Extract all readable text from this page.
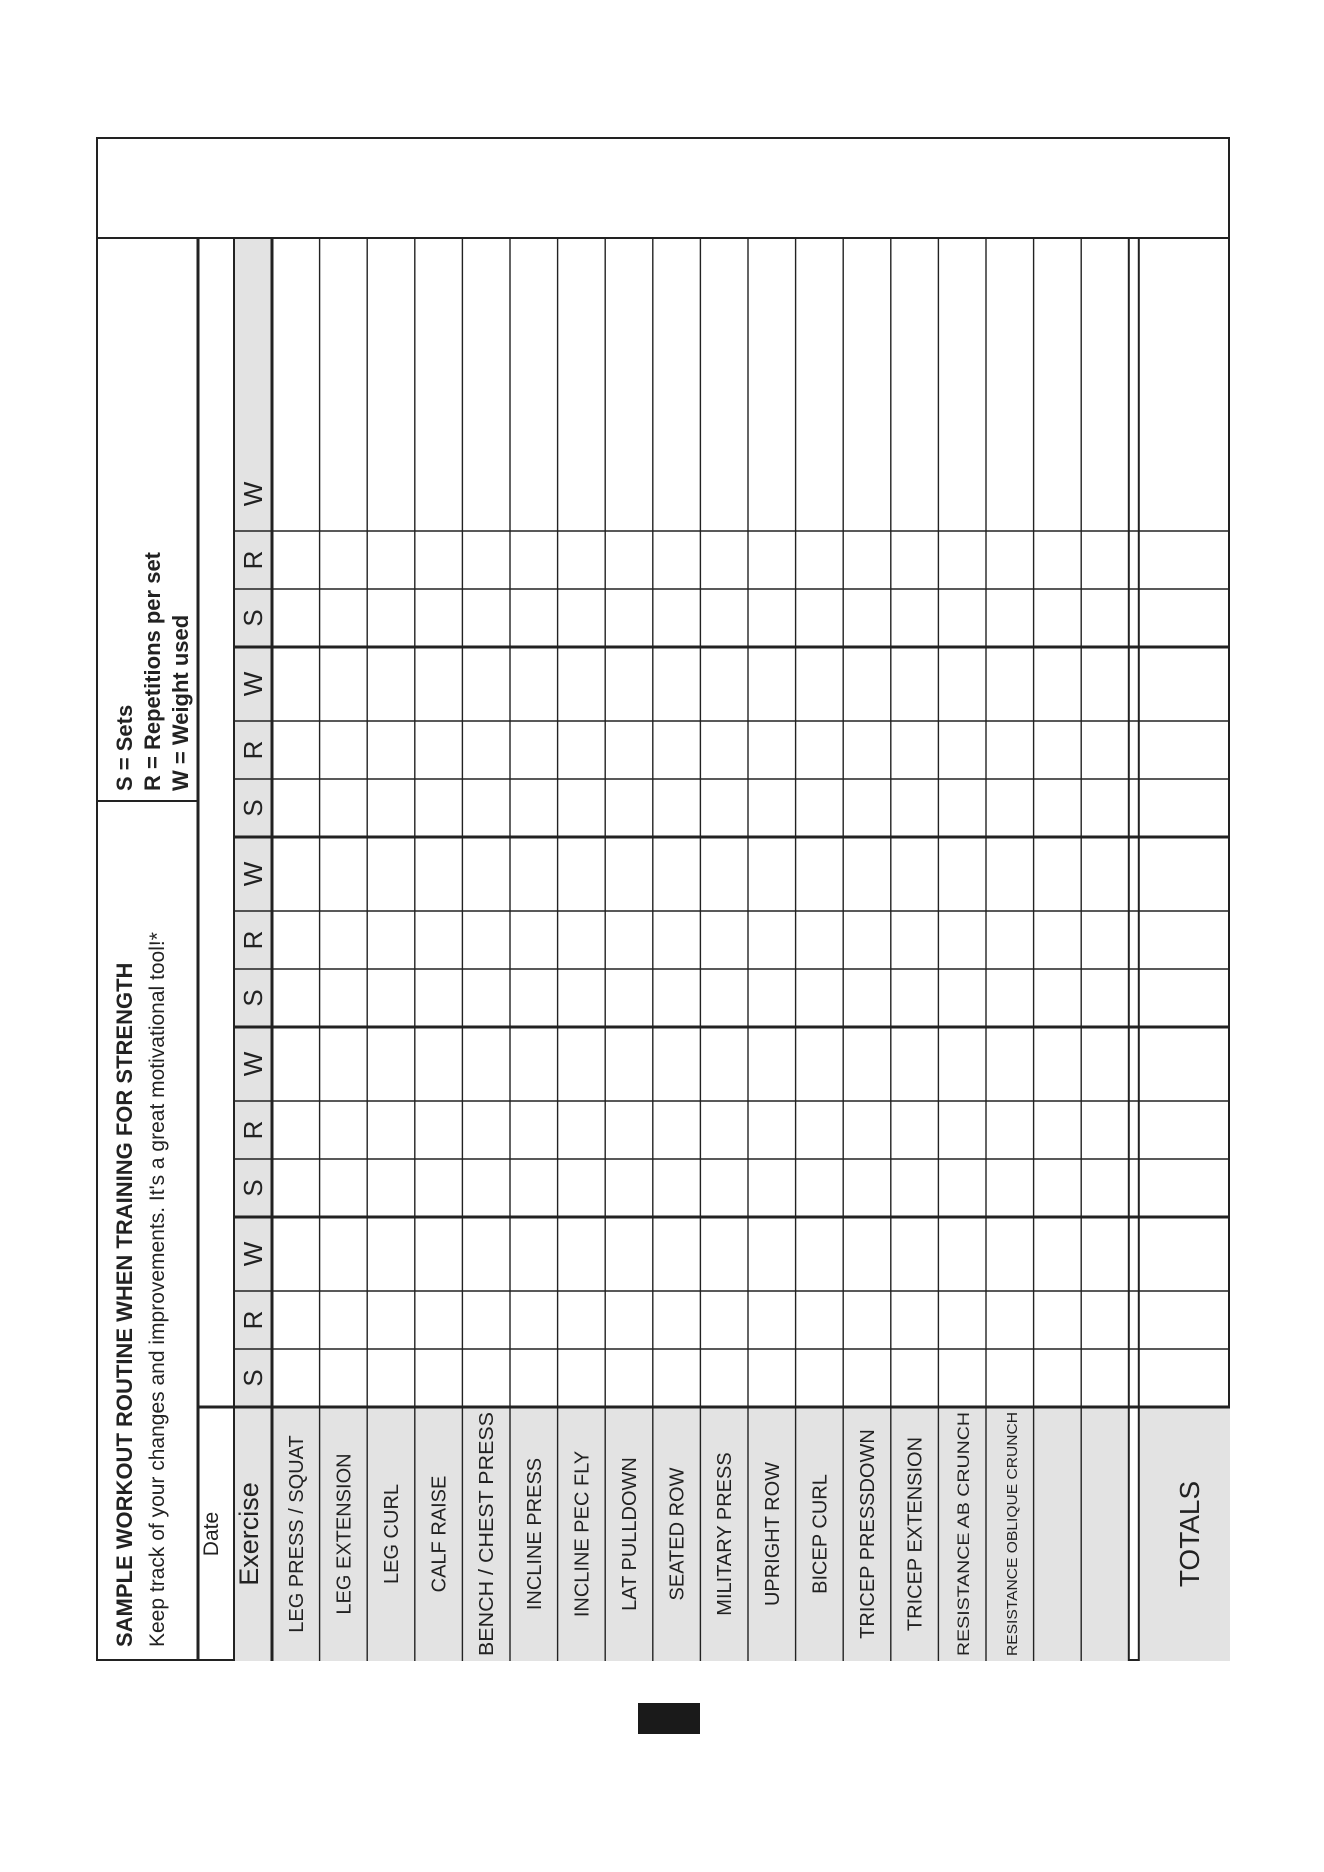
SAMPLE WORKOUT ROUTINE WHEN TRAINING FOR STRENGTH Keep track of your changes and improvements. It's a great motivational tool!*
S = Sets R = Repetitions per set W = Weight used
Date Exercise	TOTALS
LEG PRESS / SQUAT LEG EXTENSION LEG CURL CALF RAISE BENCH / CHEST PRESS INCLINE PRESS INCLINE PEC FLY LAT PULLDOWN SEATED ROW MILITARY PRESS UPRIGHT ROW BICEP CURL TRICEP PRESSDOWN TRICEP EXTENSION RESISTANCE AB CRUNCH RESISTANCE OBLIQUE CRUNCH
S
R
W
S
R
W
S
R
W
S
R
W
S
R
W
